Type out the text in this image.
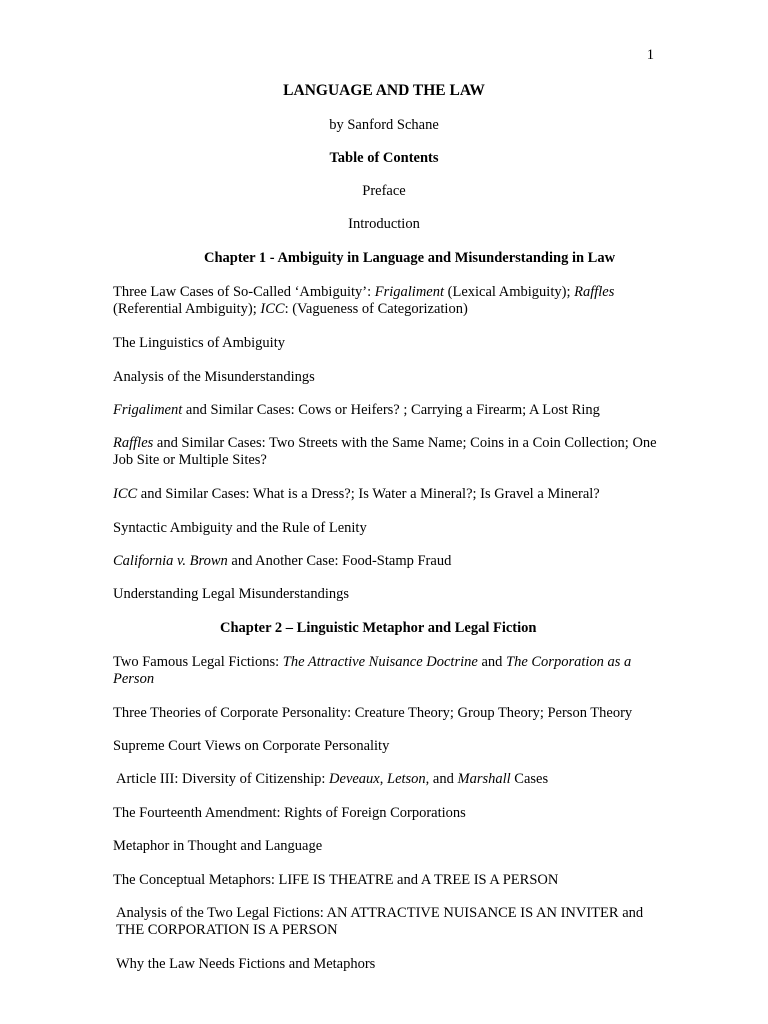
1
LANGUAGE AND THE LAW
by Sanford Schane
Table of Contents
Preface
Introduction
Chapter 1 - Ambiguity in Language and Misunderstanding in Law
Three Law Cases of So-Called ‘Ambiguity’: Frigaliment (Lexical Ambiguity); Raffles (Referential Ambiguity); ICC: (Vagueness of Categorization)
The Linguistics of Ambiguity
Analysis of the Misunderstandings
Frigaliment and Similar Cases: Cows or Heifers? ; Carrying a Firearm; A Lost Ring
Raffles and Similar Cases: Two Streets with the Same Name; Coins in a Coin Collection; One Job Site or Multiple Sites?
ICC and Similar Cases: What is a Dress?; Is Water a Mineral?; Is Gravel a Mineral?
Syntactic Ambiguity and the Rule of Lenity
California v. Brown and Another Case: Food-Stamp Fraud
Understanding Legal Misunderstandings
Chapter 2 – Linguistic Metaphor and Legal Fiction
Two Famous Legal Fictions: The Attractive Nuisance Doctrine and The Corporation as a Person
Three Theories of Corporate Personality: Creature Theory; Group Theory; Person Theory
Supreme Court Views on Corporate Personality
Article III: Diversity of Citizenship: Deveaux, Letson, and Marshall Cases
The Fourteenth Amendment: Rights of Foreign Corporations
Metaphor in Thought and Language
The Conceptual Metaphors: LIFE IS THEATRE and A TREE IS A PERSON
Analysis of the Two Legal Fictions: AN ATTRACTIVE NUISANCE IS AN INVITER and THE CORPORATION IS A PERSON
Why the Law Needs Fictions and Metaphors
